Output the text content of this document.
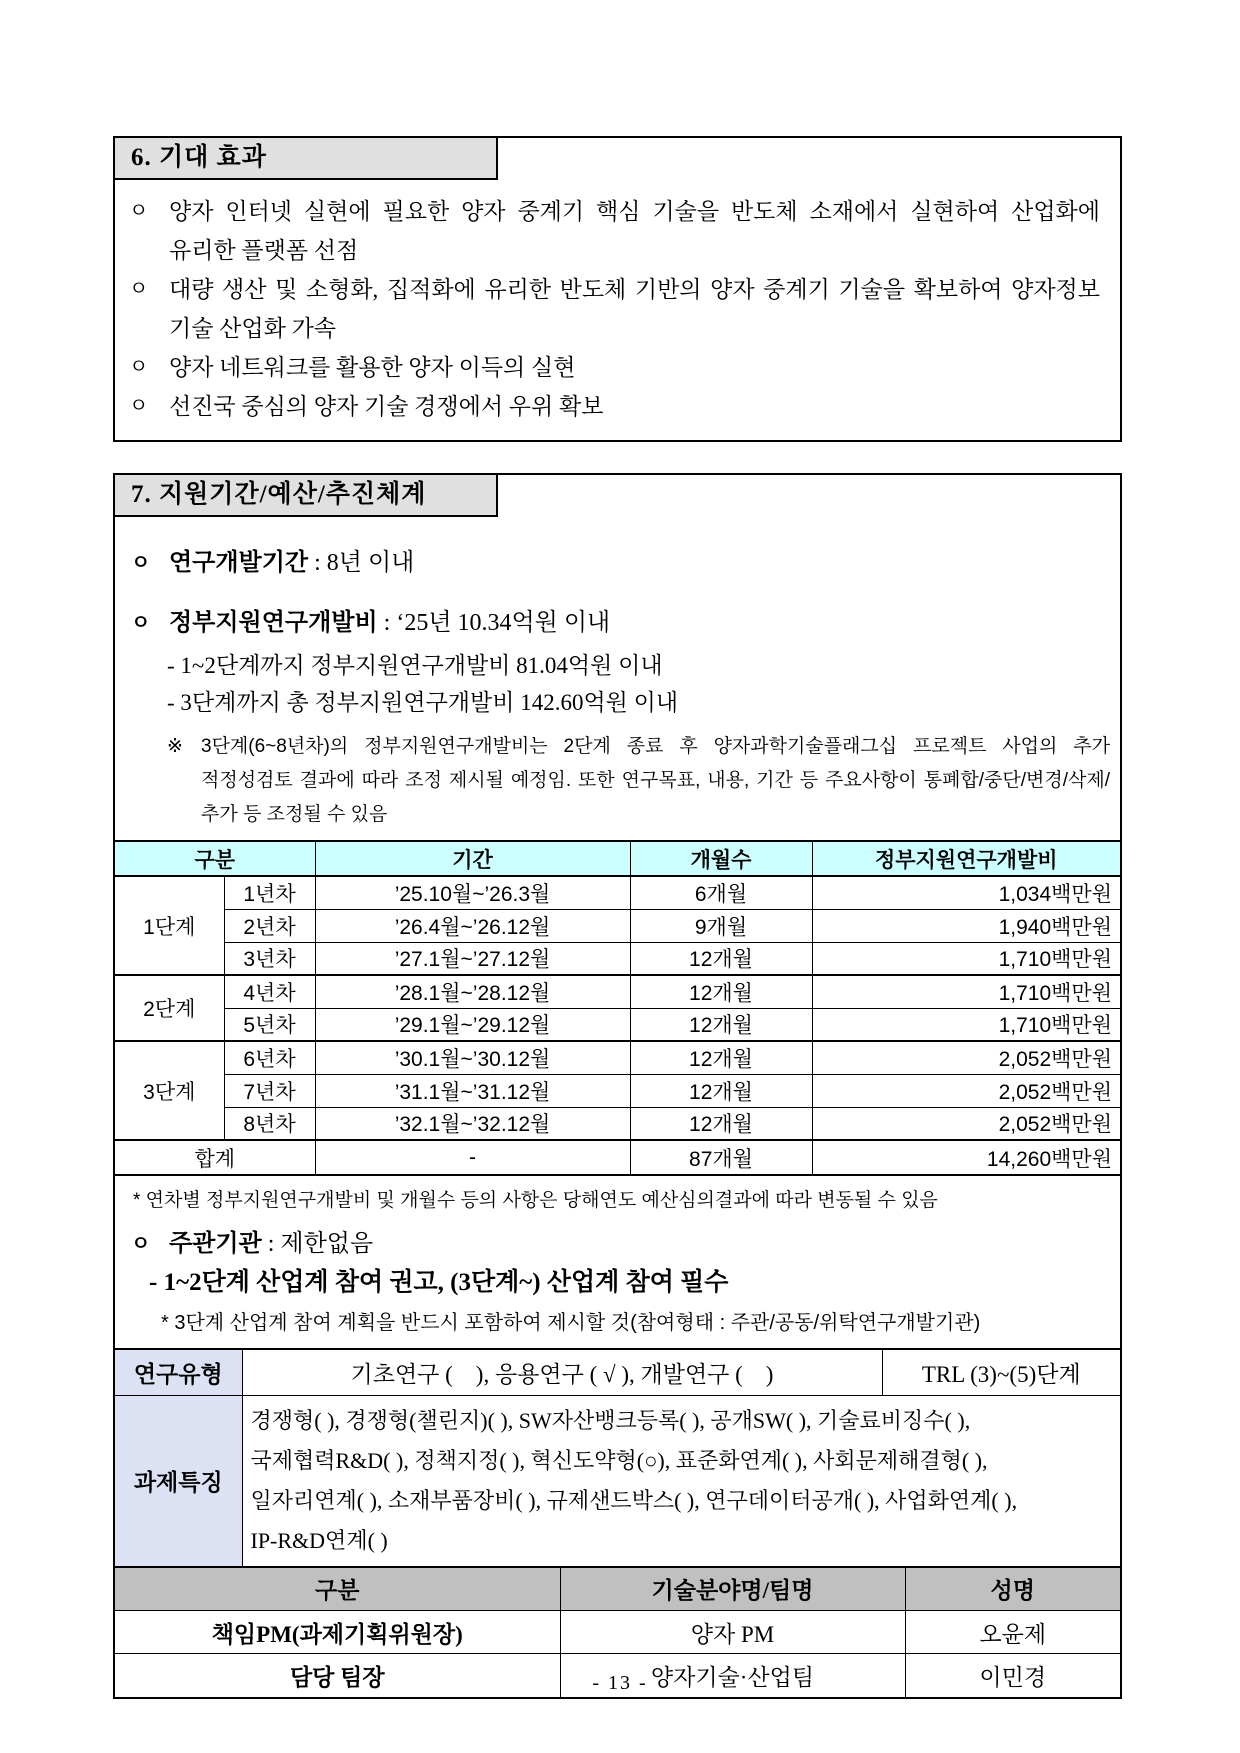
6. 기대 효과
ㅇ 양자 인터넷 실현에 필요한 양자 중계기 핵심 기술을 반도체 소재에서 실현하여 산업화에 유리한 플랫폼 선점
ㅇ 대량 생산 및 소형화, 집적화에 유리한 반도체 기반의 양자 중계기 기술을 확보하여 양자정보 기술 산업화 가속
ㅇ 양자 네트워크를 활용한 양자 이득의 실현
ㅇ 선진국 중심의 양자 기술 경쟁에서 우위 확보
7. 지원기간/예산/추진체계
ㅇ 연구개발기간 : 8년 이내
ㅇ 정부지원연구개발비 : ‘25년 10.34억원 이내
- 1~2단계까지 정부지원연구개발비 81.04억원 이내
- 3단계까지 총 정부지원연구개발비 142.60억원 이내
※ 3단계(6~8년차)의 정부지원연구개발비는 2단계 종료 후 양자과학기술플래그십 프로젝트 사업의 추가 적정성검토 결과에 따라 조정 제시될 예정임. 또한 연구목표, 내용, 기간 등 주요사항이 통폐합/중단/변경/삭제/추가 등 조정될 수 있음
구분		기간	개월수	정부지원연구개발비
1단계	1년차	’25.10월~’26.3월	6개월	1,034백만원
	2년차	’26.4월~’26.12월	9개월	1,940백만원
	3년차	’27.1월~’27.12월	12개월	1,710백만원
2단계	4년차	’28.1월~’28.12월	12개월	1,710백만원
	5년차	’29.1월~’29.12월	12개월	1,710백만원
3단계	6년차	’30.1월~’30.12월	12개월	2,052백만원
	7년차	’31.1월~’31.12월	12개월	2,052백만원
	8년차	’32.1월~’32.12월	12개월	2,052백만원
합계		-	87개월	14,260백만원
* 연차별 정부지원연구개발비 및 개월수 등의 사항은 당해연도 예산심의결과에 따라 변동될 수 있음
ㅇ 주관기관 : 제한없음
- 1~2단계 산업계 참여 권고, (3단계~) 산업계 참여 필수
* 3단계 산업계 참여 계획을 반드시 포함하여 제시할 것(참여형태 : 주관/공동/위탁연구개발기관)
연구유형	기초연구 (    ), 응용연구 ( √ ), 개발연구 (    )	TRL (3)~(5)단계
과제특징	경쟁형( ), 경쟁형(챌린지)( ), SW자산뱅크등록( ), 공개SW( ), 기술료비징수( ),
국제협력R&D( ), 정책지정( ), 혁신도약형(○), 표준화연계( ), 사회문제해결형( ),
일자리연계( ), 소재부품장비( ), 규제샌드박스( ), 연구데이터공개( ), 사업화연계( ),
IP-R&D연계( )	
구분	기술분야명/팀명	성명
책임PM(과제기획위원장)	양자 PM	오윤제
담당 팀장	양자기술·산업팀	이민경
- 13 -
